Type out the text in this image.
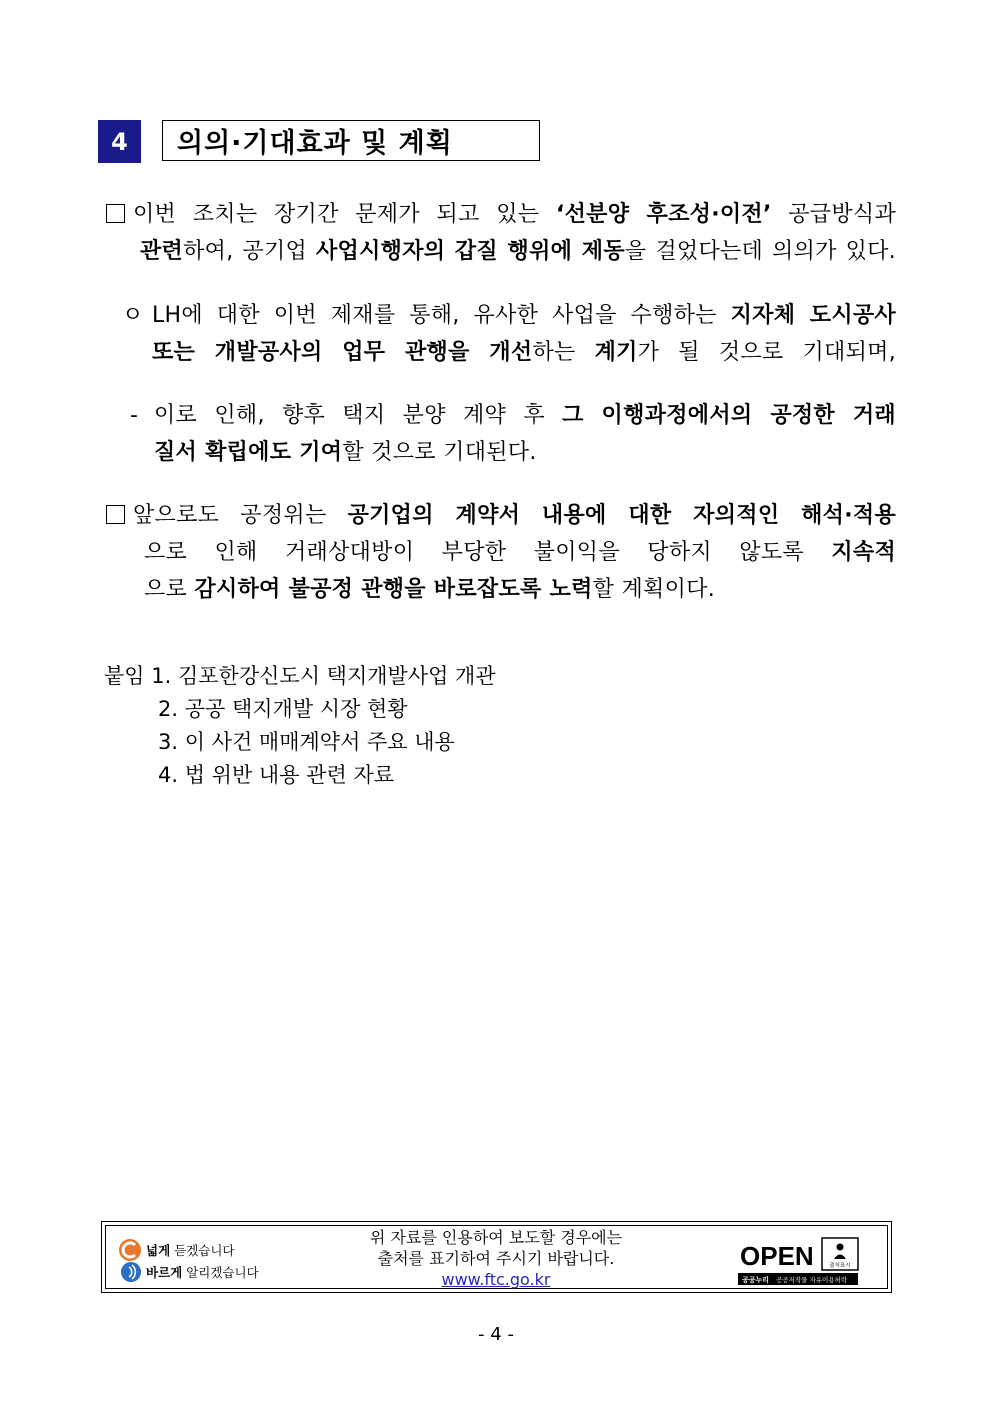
4	의의·기대효과 및 계획
이번 조치는 장기간 문제가 되고 있는 ‘선분양 후조성·이전’ 공급방식과
관련하여, 공기업 사업시행자의 갑질 행위에 제동을 걸었다는데 의의가 있다.
ㅇ LH에 대한 이번 제재를 통해, 유사한 사업을 수행하는 지자체 도시공사
또는 개발공사의 업무 관행을 개선하는 계기가 될 것으로 기대되며,
- 이로 인해, 향후 택지 분양 계약 후 그 이행과정에서의 공정한 거래
질서 확립에도 기여할 것으로 기대된다.
앞으로도 공정위는 공기업의 계약서 내용에 대한 자의적인 해석·적용
으로 인해 거래상대방이 부당한 불이익을 당하지 않도록 지속적
으로 감시하여 불공정 관행을 바로잡도록 노력할 계획이다.
붙임 1. 김포한강신도시 택지개발사업 개관
2. 공공 택지개발 시장 현황
3. 이 사건 매매계약서 주요 내용
4. 법 위반 내용 관련 자료
넓게 듣겠습니다
바르게 알리겠습니다
위 자료를 인용하여 보도할 경우에는
출처를 표기하여 주시기 바랍니다.
www.ftc.go.kr
OPEN	출처표시
공공누리 공공저작물 자유이용허락
- 4 -
